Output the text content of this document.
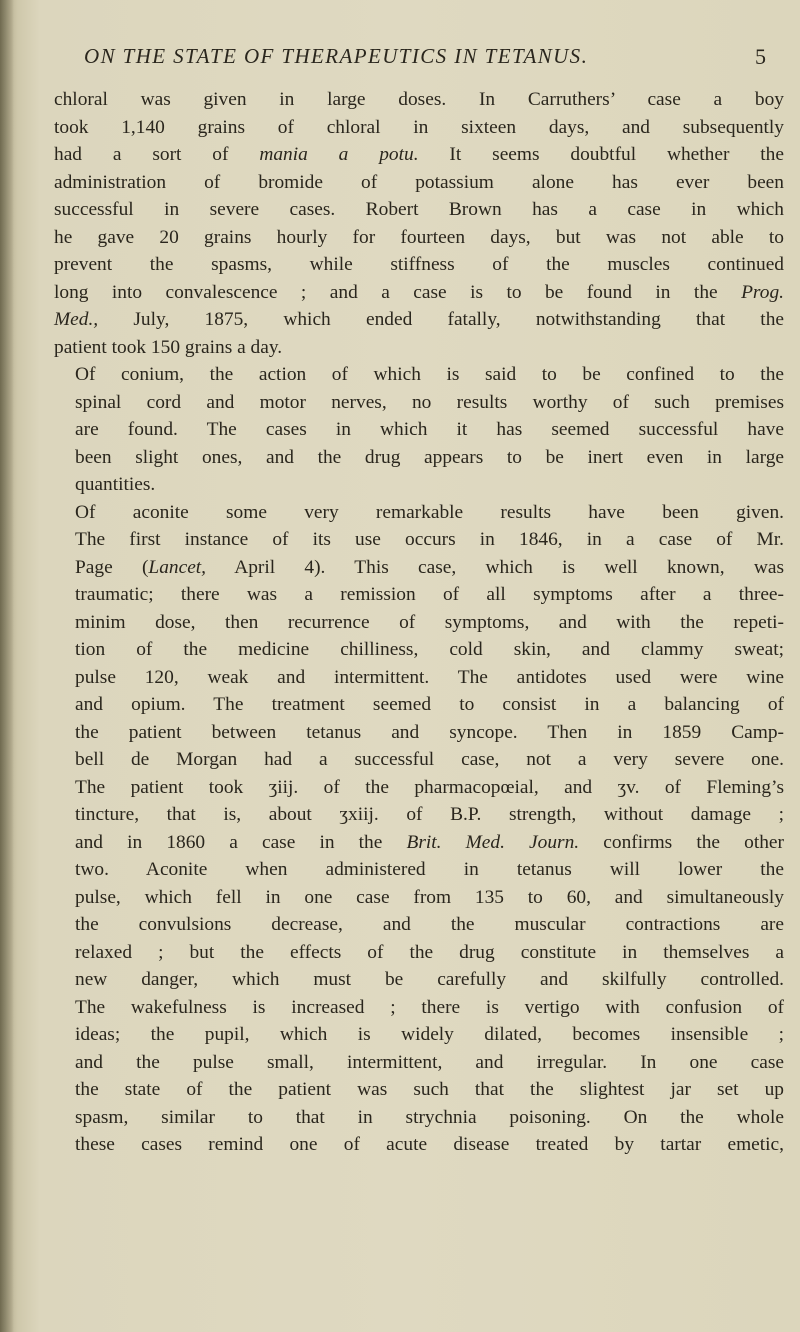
ON THE STATE OF THERAPEUTICS IN TETANUS.	5

chloral was given in large doses. In Carruthers’ case a boy
took 1,140 grains of chloral in sixteen days, and subsequently
had a sort of mania a potu. It seems doubtful whether the
administration of bromide of potassium alone has ever been
successful in severe cases. Robert Brown has a case in which
he gave 20 grains hourly for fourteen days, but was not able to
prevent the spasms, while stiffness of the muscles continued
long into convalescence ; and a case is to be found in the Prog.
Med., July, 1875, which ended fatally, notwithstanding that the
patient took 150 grains a day.

Of conium, the action of which is said to be confined to the
spinal cord and motor nerves, no results worthy of such premises
are found. The cases in which it has seemed successful have
been slight ones, and the drug appears to be inert even in large
quantities.

Of aconite some very remarkable results have been given.
The first instance of its use occurs in 1846, in a case of Mr.
Page (Lancet, April 4). This case, which is well known, was
traumatic; there was a remission of all symptoms after a three-
minim dose, then recurrence of symptoms, and with the repeti-
tion of the medicine chilliness, cold skin, and clammy sweat;
pulse 120, weak and intermittent. The antidotes used were wine
and opium. The treatment seemed to consist in a balancing of
the patient between tetanus and syncope. Then in 1859 Camp-
bell de Morgan had a successful case, not a very severe one.
The patient took ʒiij. of the pharmacopœial, and ʒv. of Fleming’s
tincture, that is, about ʒxiij. of B.P. strength, without damage ;
and in 1860 a case in the Brit. Med. Journ. confirms the other
two. Aconite when administered in tetanus will lower the
pulse, which fell in one case from 135 to 60, and simultaneously
the convulsions decrease, and the muscular contractions are
relaxed ; but the effects of the drug constitute in themselves a
new danger, which must be carefully and skilfully controlled.
The wakefulness is increased ; there is vertigo with confusion of
ideas; the pupil, which is widely dilated, becomes insensible ;
and the pulse small, intermittent, and irregular. In one case
the state of the patient was such that the slightest jar set up
spasm, similar to that in strychnia poisoning. On the whole
these cases remind one of acute disease treated by tartar emetic,
